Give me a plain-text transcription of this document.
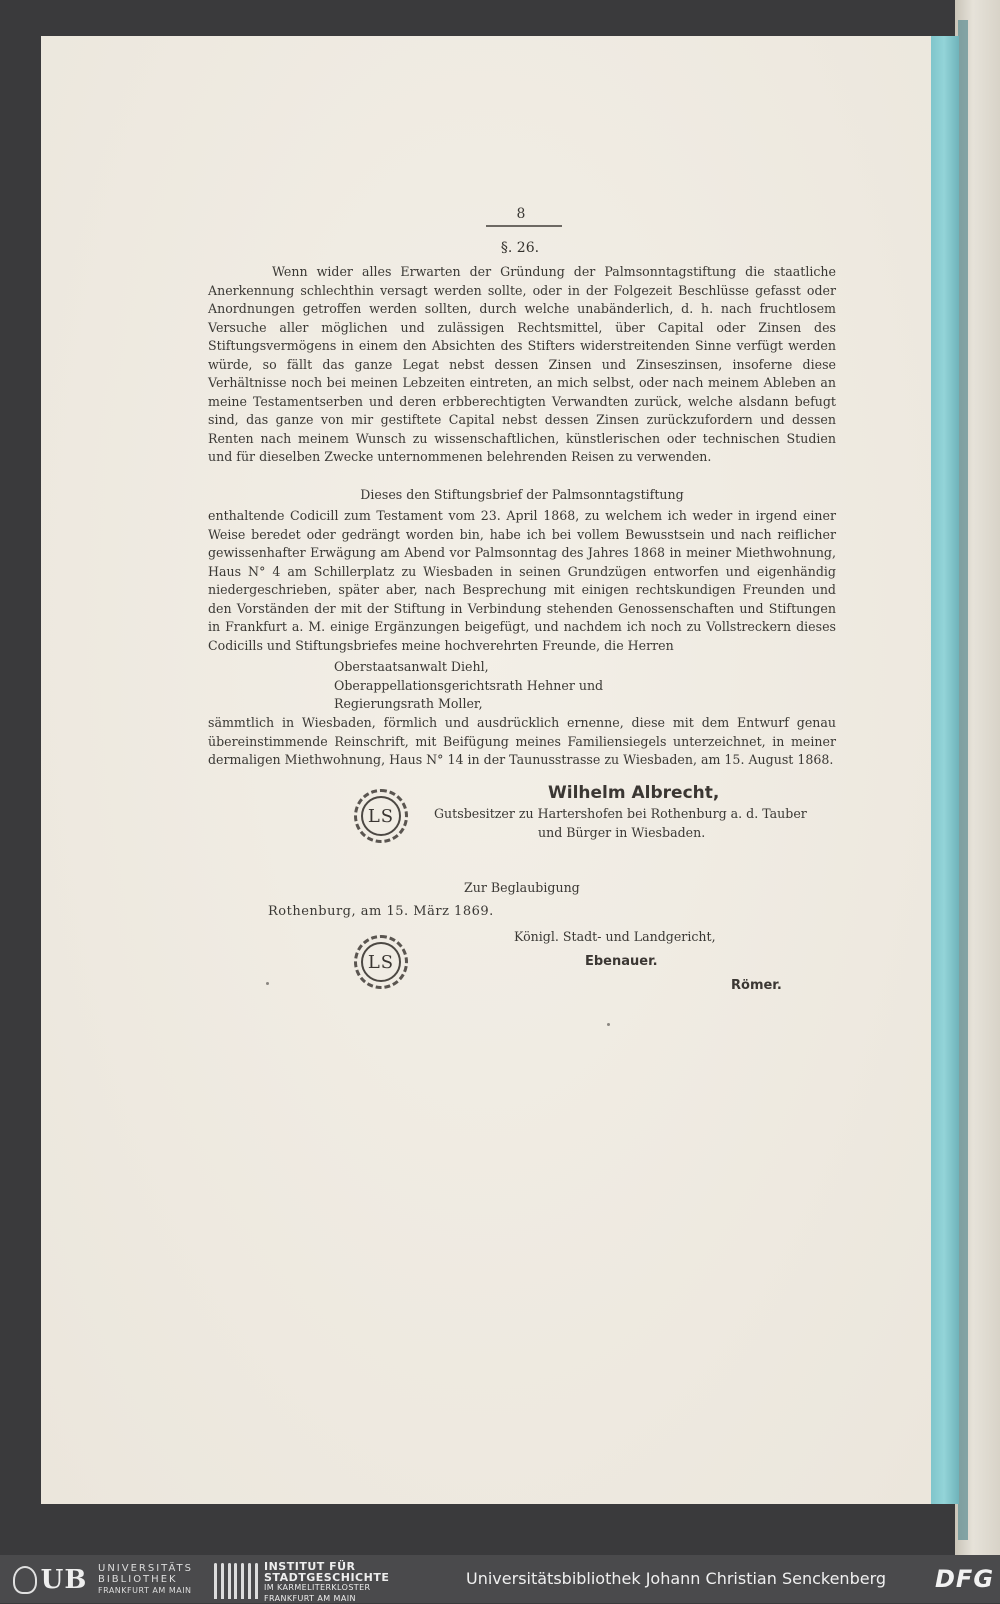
8
§. 26.
Wenn wider alles Erwarten der Gründung der Palmsonntagstiftung die staatliche Anerkennung schlechthin versagt werden sollte, oder in der Folgezeit Beschlüsse gefasst oder Anordnungen getroffen werden sollten, durch welche unabänderlich, d. h. nach fruchtlosem Versuche aller möglichen und zulässigen Rechtsmittel, über Capital oder Zinsen des Stiftungsvermögens in einem den Absichten des Stifters widerstreitenden Sinne verfügt werden würde, so fällt das ganze Legat nebst dessen Zinsen und Zinseszinsen, insoferne diese Verhältnisse noch bei meinen Lebzeiten eintreten, an mich selbst, oder nach meinem Ableben an meine Testamentserben und deren erbberechtigten Verwandten zurück, welche alsdann befugt sind, das ganze von mir gestiftete Capital nebst dessen Zinsen zurückzufordern und dessen Renten nach meinem Wunsch zu wissenschaftlichen, künstlerischen oder technischen Studien und für dieselben Zwecke unternommenen belehrenden Reisen zu verwenden.
Dieses den Stiftungsbrief der Palmsonntagstiftung
enthaltende Codicill zum Testament vom 23. April 1868, zu welchem ich weder in irgend einer Weise beredet oder gedrängt worden bin, habe ich bei vollem Bewusstsein und nach reiflicher gewissenhafter Erwägung am Abend vor Palmsonntag des Jahres 1868 in meiner Miethwohnung, Haus N° 4 am Schillerplatz zu Wiesbaden in seinen Grundzügen entworfen und eigenhändig niedergeschrieben, später aber, nach Besprechung mit einigen rechtskundigen Freunden und den Vorständen der mit der Stiftung in Verbindung stehenden Genossenschaften und Stiftungen in Frankfurt a. M. einige Ergänzungen beigefügt, und nachdem ich noch zu Vollstreckern dieses Codicills und Stiftungsbriefes meine hochverehrten Freunde, die Herren
Oberstaatsanwalt Diehl,
Oberappellationsgerichtsrath Hehner und
Regierungsrath Moller,
sämmtlich in Wiesbaden, förmlich und ausdrücklich ernenne, diese mit dem Entwurf genau übereinstimmende Reinschrift, mit Beifügung meines Familiensiegels unterzeichnet, in meiner dermaligen Miethwohnung, Haus N° 14 in der Taunusstrasse zu Wiesbaden, am 15. August 1868.
LS
Wilhelm Albrecht,
Gutsbesitzer zu Hartershofen bei Rothenburg a. d. Tauber
und Bürger in Wiesbaden.
Zur Beglaubigung
Rothenburg, am 15. März 1869.
Königl. Stadt- und Landgericht,
LS	Ebenauer.
Römer.
UB UNIVERSITÄTS
BIBLIOTHEK
FRANKFURT AM MAIN
INSTITUT FÜR
STADTGESCHICHTE
IM KARMELITERKLOSTER
FRANKFURT AM MAIN
Universitätsbibliothek Johann Christian Senckenberg DFG
